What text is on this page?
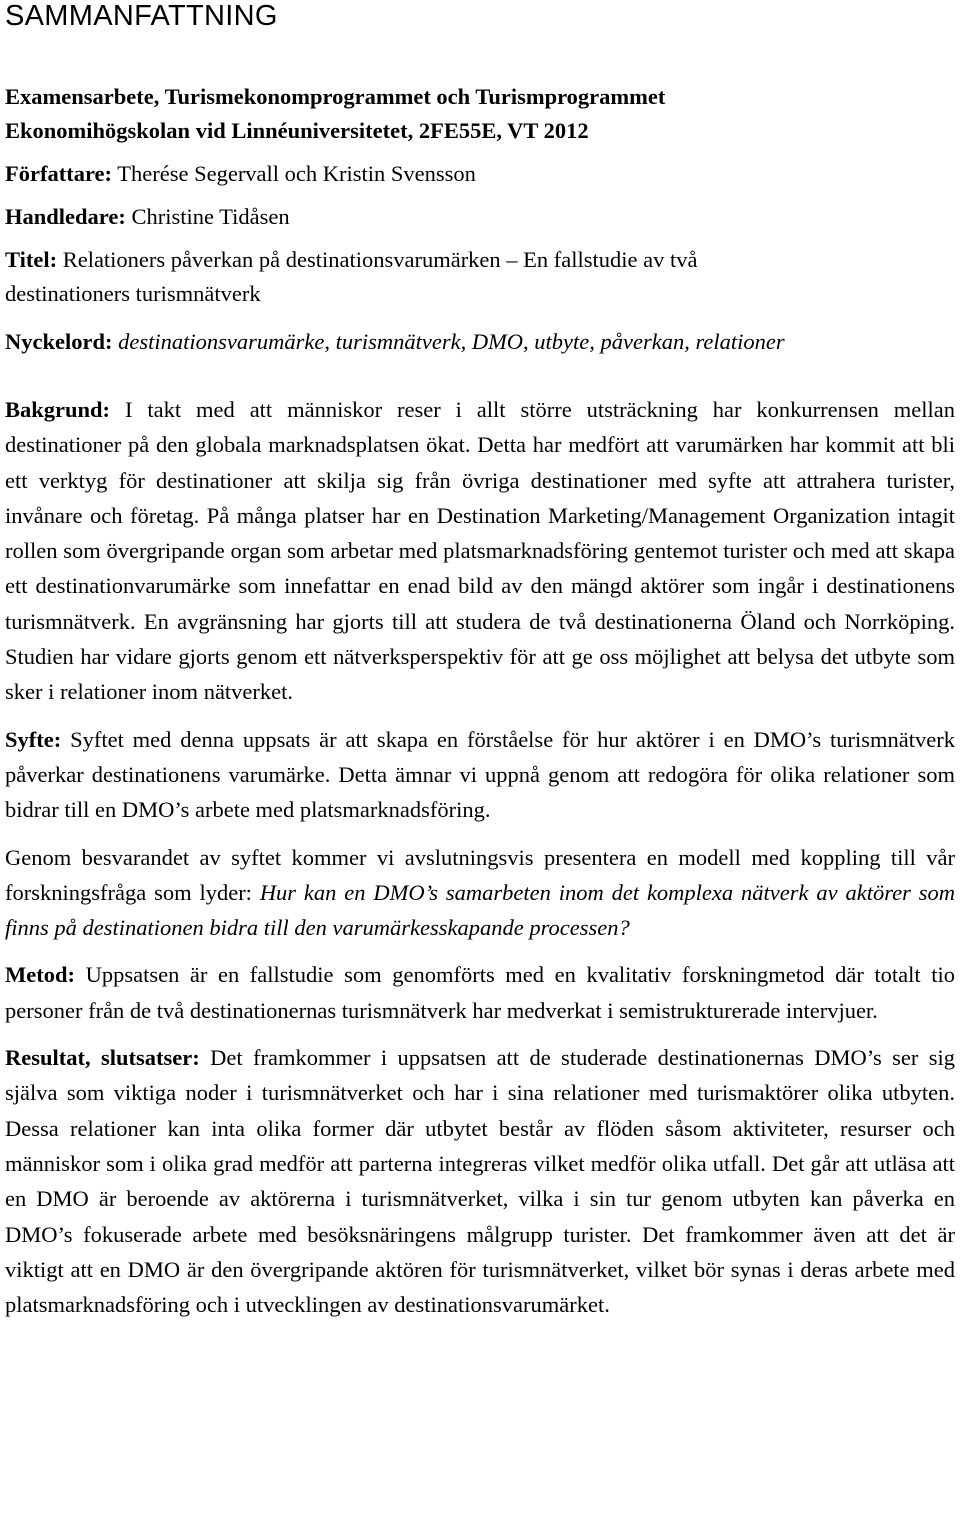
SAMMANFATTNING

Examensarbete, Turismekonomprogrammet och Turismprogrammet

Ekonomihögskolan vid Linnéuniversitetet, 2FE55E, VT 2012

Författare: Therése Segervall och Kristin Svensson

Handledare: Christine Tidåsen

Titel: Relationers påverkan på destinationsvarumärken – En fallstudie av två

destinationers turismnätverk

Nyckelord: destinationsvarumärke, turismnätverk, DMO, utbyte, påverkan, relationer

Bakgrund: I takt med att människor reser i allt större utsträckning har konkurrensen mellan destinationer på den globala marknadsplatsen ökat. Detta har medfört att varumärken har kommit att bli ett verktyg för destinationer att skilja sig från övriga destinationer med syfte att attrahera turister, invånare och företag. På många platser har en Destination Marketing/Management Organization intagit rollen som övergripande organ som arbetar med platsmarknadsföring gentemot turister och med att skapa ett destinationvarumärke som innefattar en enad bild av den mängd aktörer som ingår i destinationens turismnätverk. En avgränsning har gjorts till att studera de två destinationerna Öland och Norrköping. Studien har vidare gjorts genom ett nätverksperspektiv för att ge oss möjlighet att belysa det utbyte som sker i relationer inom nätverket.

Syfte: Syftet med denna uppsats är att skapa en förståelse för hur aktörer i en DMO’s turismnätverk påverkar destinationens varumärke. Detta ämnar vi uppnå genom att redogöra för olika relationer som bidrar till en DMO’s arbete med platsmarknadsföring.

Genom besvarandet av syftet kommer vi avslutningsvis presentera en modell med koppling till vår forskningsfråga som lyder: Hur kan en DMO’s samarbeten inom det komplexa nätverk av aktörer som finns på destinationen bidra till den varumärkesskapande processen?

Metod: Uppsatsen är en fallstudie som genomförts med en kvalitativ forskningmetod där totalt tio personer från de två destinationernas turismnätverk har medverkat i semistrukturerade intervjuer.

Resultat, slutsatser: Det framkommer i uppsatsen att de studerade destinationernas DMO’s ser sig själva som viktiga noder i turismnätverket och har i sina relationer med turismaktörer olika utbyten. Dessa relationer kan inta olika former där utbytet består av flöden såsom aktiviteter, resurser och människor som i olika grad medför att parterna integreras vilket medför olika utfall. Det går att utläsa att en DMO är beroende av aktörerna i turismnätverket, vilka i sin tur genom utbyten kan påverka en DMO’s fokuserade arbete med besöksnäringens målgrupp turister. Det framkommer även att det är viktigt att en DMO är den övergripande aktören för turismnätverket, vilket bör synas i deras arbete med platsmarknadsföring och i utvecklingen av destinationsvarumärket.
